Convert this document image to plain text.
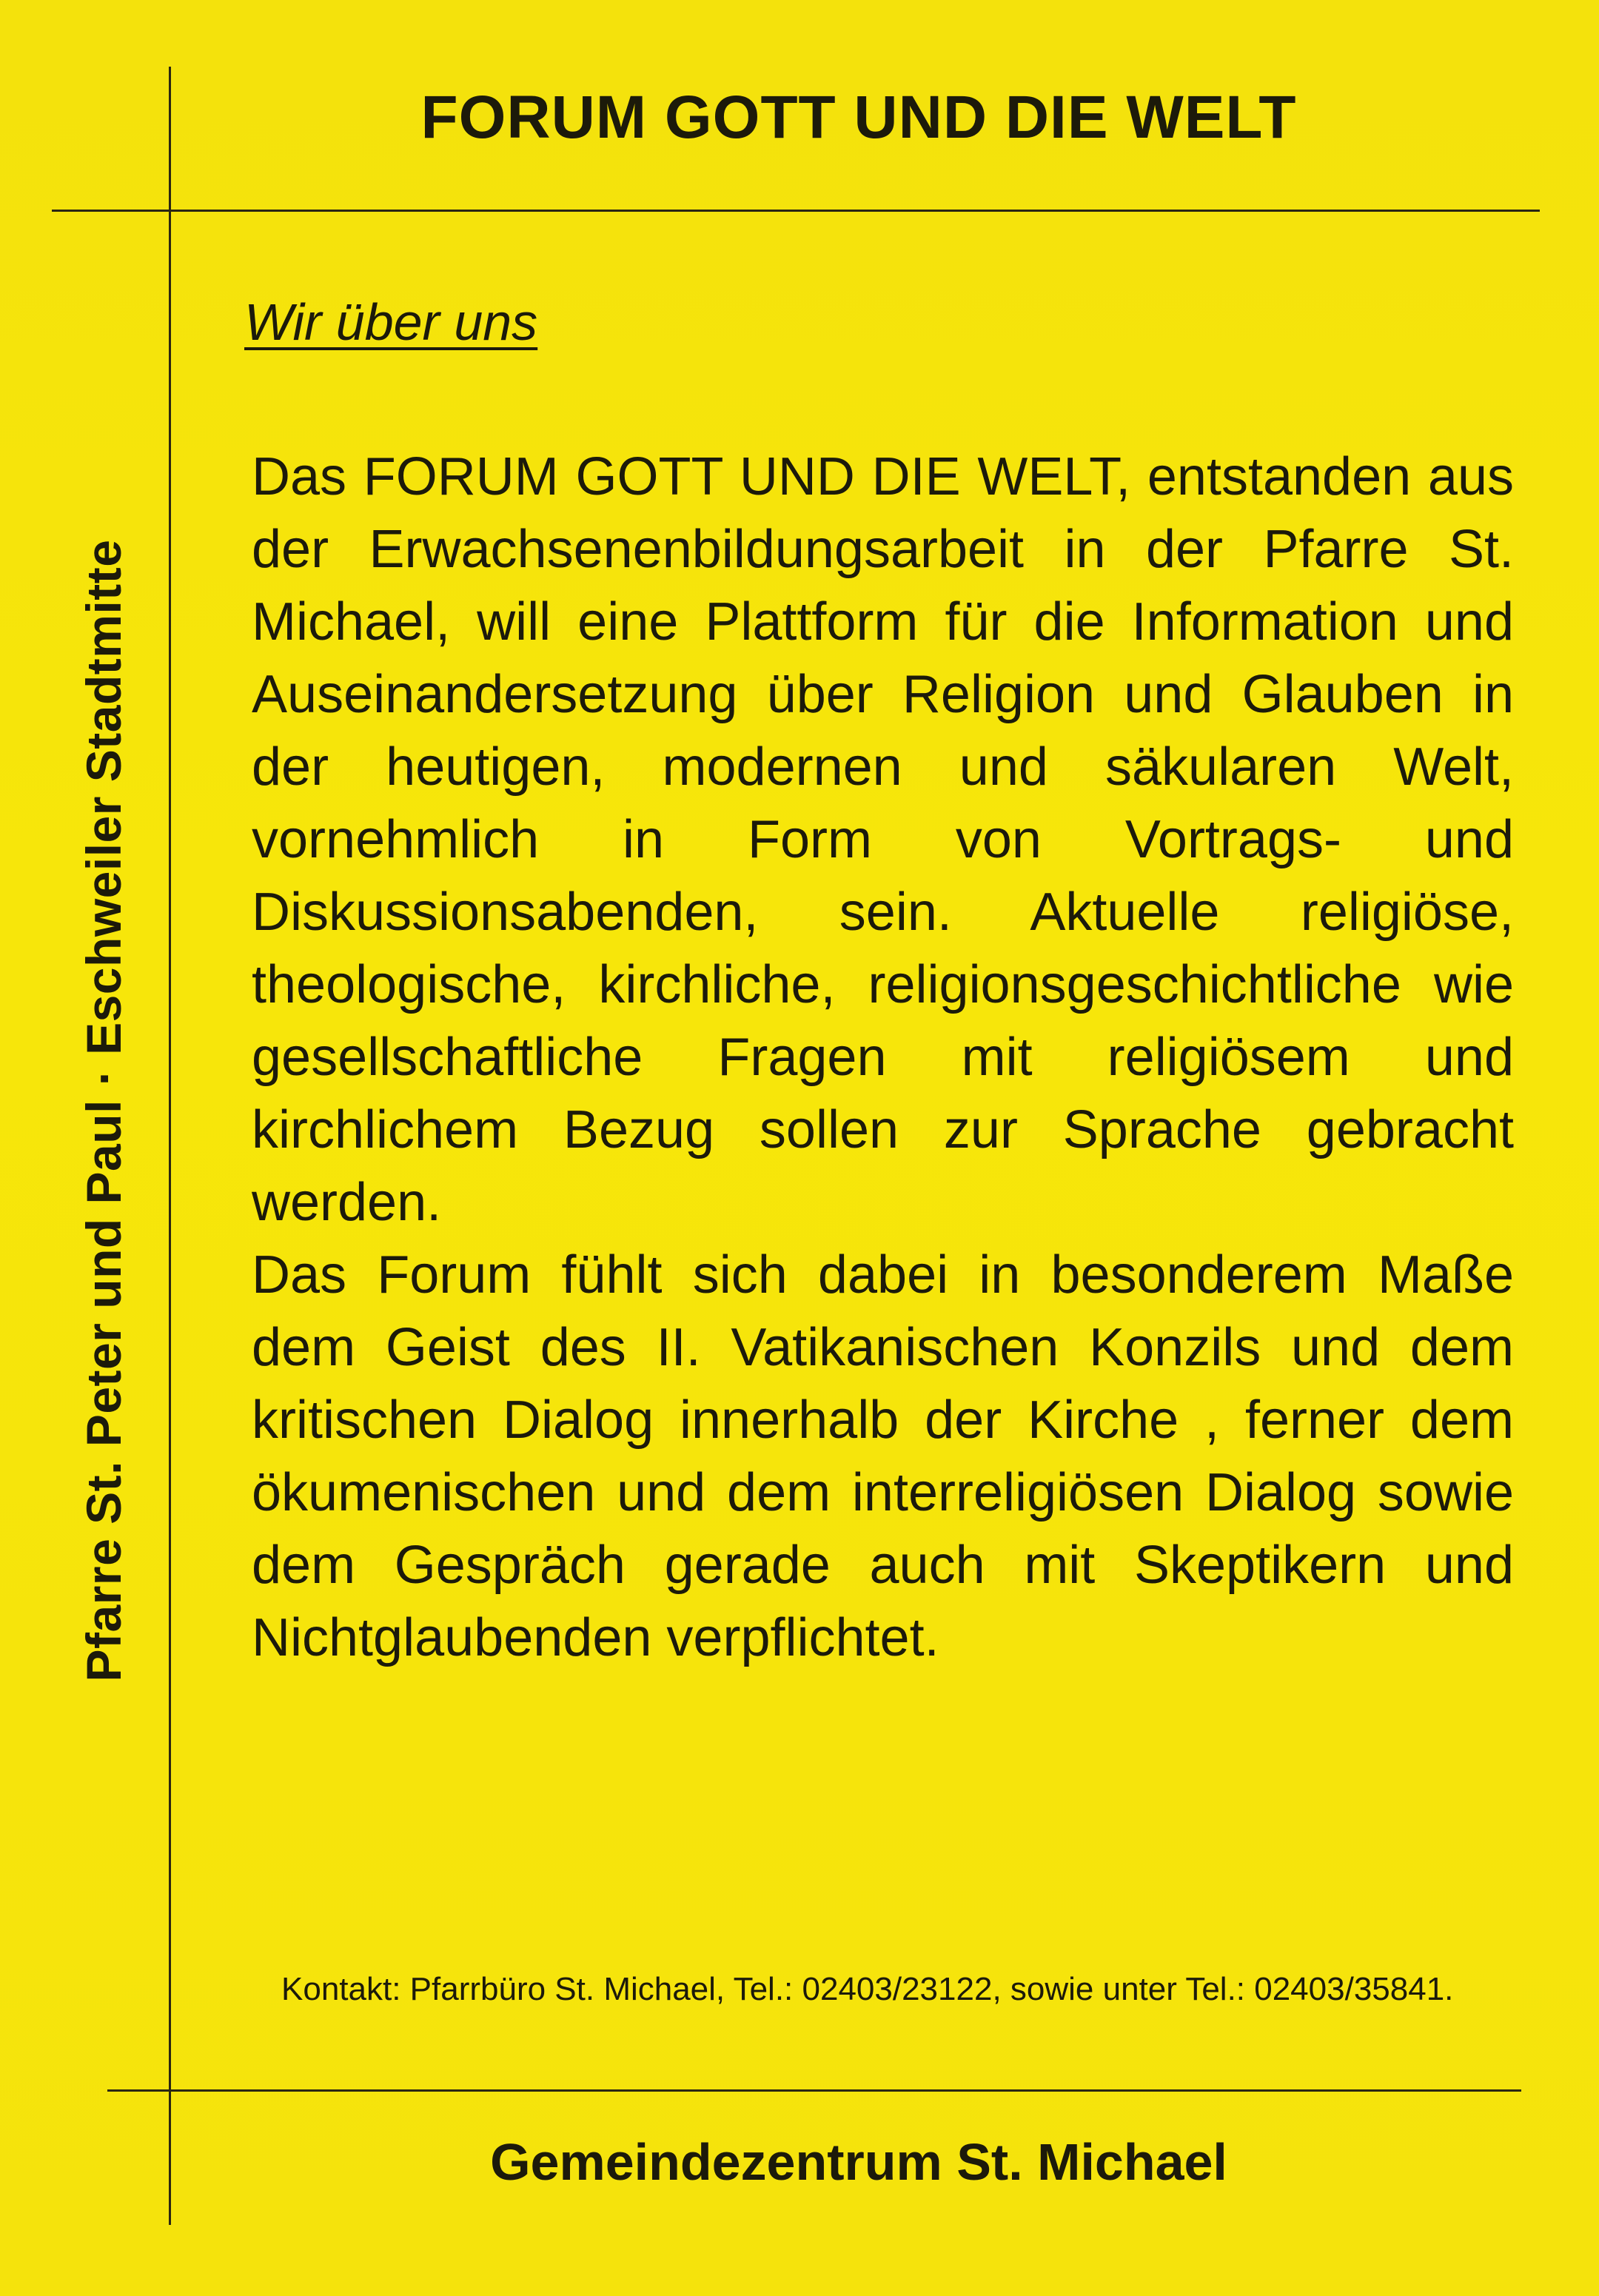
FORUM GOTT UND DIE WELT
Pfarre St. Peter und Paul · Eschweiler Stadtmitte
Wir über uns

Das FORUM GOTT UND DIE WELT, entstanden aus der Erwachsenenbildungsarbeit in der Pfarre St. Michael, will eine Plattform für die Information und Auseinandersetzung über Religion und Glauben in der heutigen, modernen und säkularen Welt, vornehmlich in Form von Vortrags- und Diskussionsabenden, sein. Aktuelle religiöse, theologische, kirchliche, religionsgeschichtliche wie gesellschaftliche Fragen mit religiösem und kirchlichem Bezug sollen zur Sprache gebracht werden.

Das Forum fühlt sich dabei in besonderem Maße dem Geist des II. Vatikanischen Konzils und dem kritischen Dialog innerhalb der Kirche , ferner dem ökumenischen und dem interreligiösen Dialog sowie dem Gespräch gerade auch mit Skeptikern und Nichtglaubenden verpflichtet.

Kontakt: Pfarrbüro St. Michael, Tel.: 02403/23122, sowie unter Tel.: 02403/35841.

Gemeindezentrum St. Michael
